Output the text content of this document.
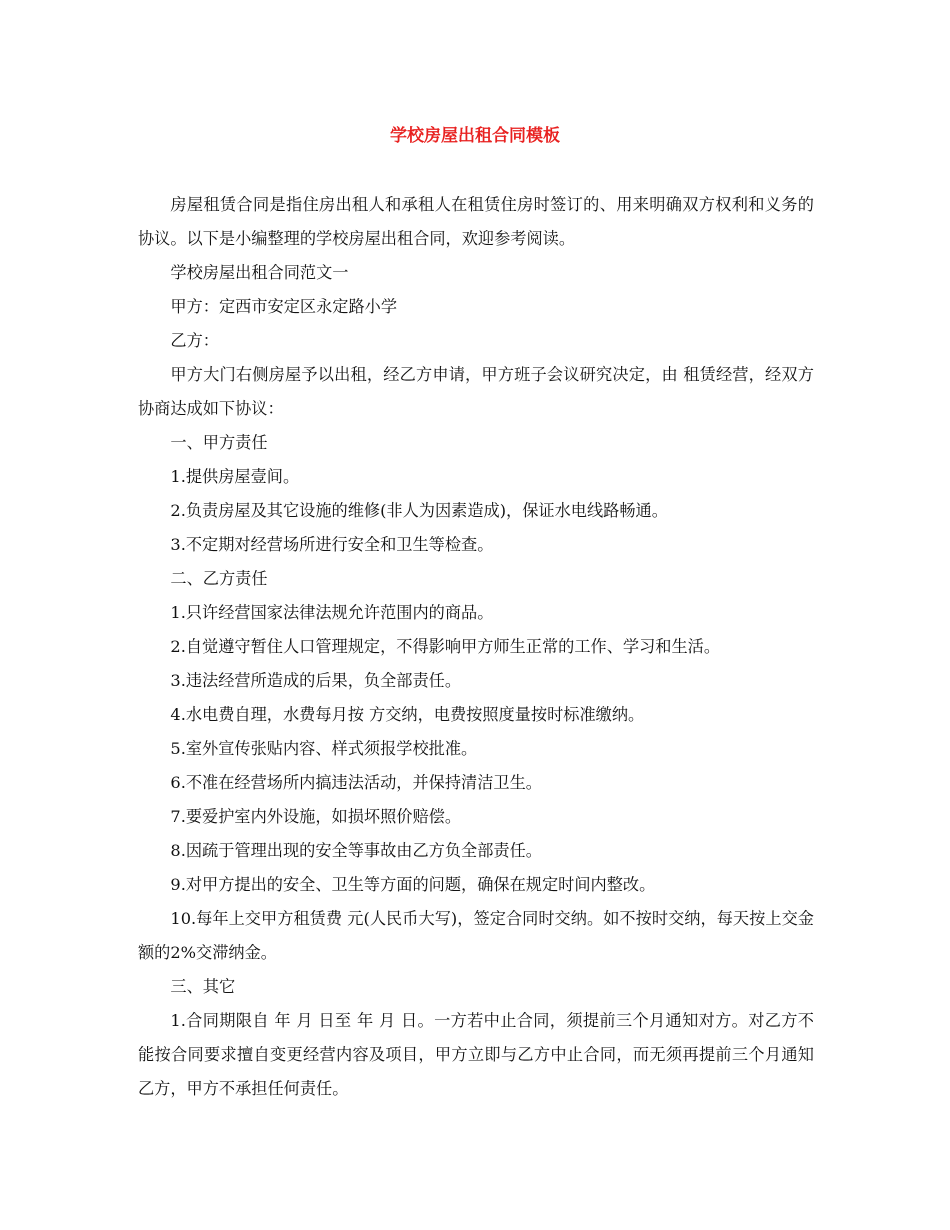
学校房屋出租合同模板

房屋租赁合同是指住房出租人和承租人在租赁住房时签订的、用来明确双方权利和义务的协议。以下是小编整理的学校房屋出租合同，欢迎参考阅读。

学校房屋出租合同范文一

甲方：定西市安定区永定路小学

乙方：

甲方大门右侧房屋予以出租，经乙方申请，甲方班子会议研究决定，由 租赁经营，经双方协商达成如下协议：

一、甲方责任

1.提供房屋壹间。

2.负责房屋及其它设施的维修(非人为因素造成)，保证水电线路畅通。

3.不定期对经营场所进行安全和卫生等检查。

二、乙方责任

1.只许经营国家法律法规允许范围内的商品。

2.自觉遵守暂住人口管理规定，不得影响甲方师生正常的工作、学习和生活。

3.违法经营所造成的后果，负全部责任。

4.水电费自理，水费每月按 方交纳，电费按照度量按时标准缴纳。

5.室外宣传张贴内容、样式须报学校批准。

6.不准在经营场所内搞违法活动，并保持清洁卫生。

7.要爱护室内外设施，如损坏照价赔偿。

8.因疏于管理出现的安全等事故由乙方负全部责任。

9.对甲方提出的安全、卫生等方面的问题，确保在规定时间内整改。

10.每年上交甲方租赁费 元(人民币大写)，签定合同时交纳。如不按时交纳，每天按上交金额的2%交滞纳金。

三、其它

1.合同期限自 年 月 日至 年 月 日。一方若中止合同，须提前三个月通知对方。对乙方不能按合同要求擅自变更经营内容及项目，甲方立即与乙方中止合同，而无须再提前三个月通知乙方，甲方不承担任何责任。
